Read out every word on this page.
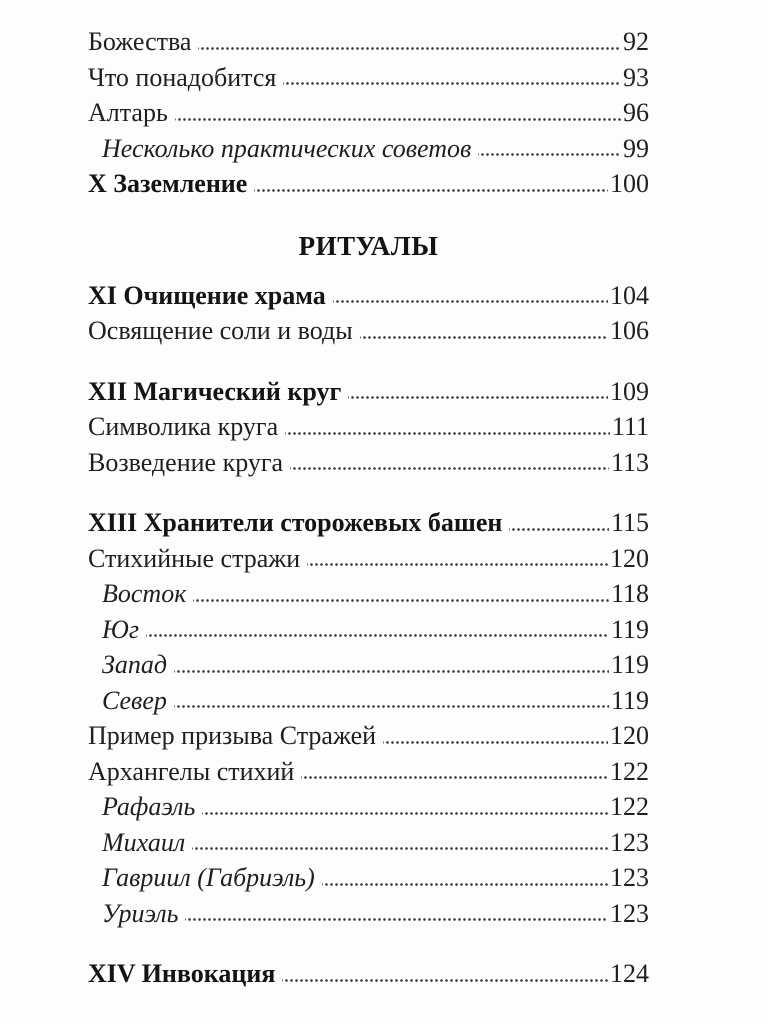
Божества	92
Что понадобится	93
Алтарь	96
Несколько практических советов	99
X Заземление	100
РИТУАЛЫ
XI Очищение храма	104
Освящение соли и воды	106
XII Магический круг	109
Символика круга	111
Возведение круга	113
XIII Хранители сторожевых башен	115
Стихийные стражи	120
Восток	118
Юг	119
Запад	119
Север	119
Пример призыва Стражей	120
Архангелы стихий	122
Рафаэль	122
Михаил	123
Гавриил (Габриэль)	123
Уриэль	123
XIV Инвокация	124
